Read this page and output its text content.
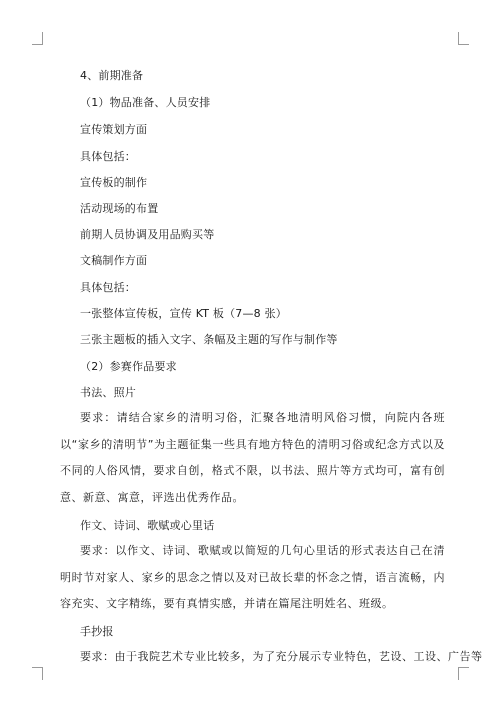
4、前期准备
（1）物品准备、人员安排
宣传策划方面
具体包括：
宣传板的制作
活动现场的布置
前期人员协调及用品购买等
文稿制作方面
具体包括：
一张整体宣传板，宣传 KT 板（7—8 张）
三张主题板的插入文字、条幅及主题的写作与制作等
（2）参赛作品要求
书法、照片
要求：请结合家乡的清明习俗，汇聚各地清明风俗习惯，向院内各班以“家乡的清明节”为主题征集一些具有地方特色的清明习俗或纪念方式以及不同的人俗风情，要求自创，格式不限，以书法、照片等方式均可，富有创意、新意、寓意，评选出优秀作品。
作文、诗词、歌赋或心里话
要求：以作文、诗词、歌赋或以简短的几句心里话的形式表达自己在清明时节对家人、家乡的思念之情以及对已故长辈的怀念之情，语言流畅，内容充实、文字精练，要有真情实感，并请在篇尾注明姓名、班级。
手抄报
要求：由于我院艺术专业比较多，为了充分展示专业特色，艺设、工设、广告等
